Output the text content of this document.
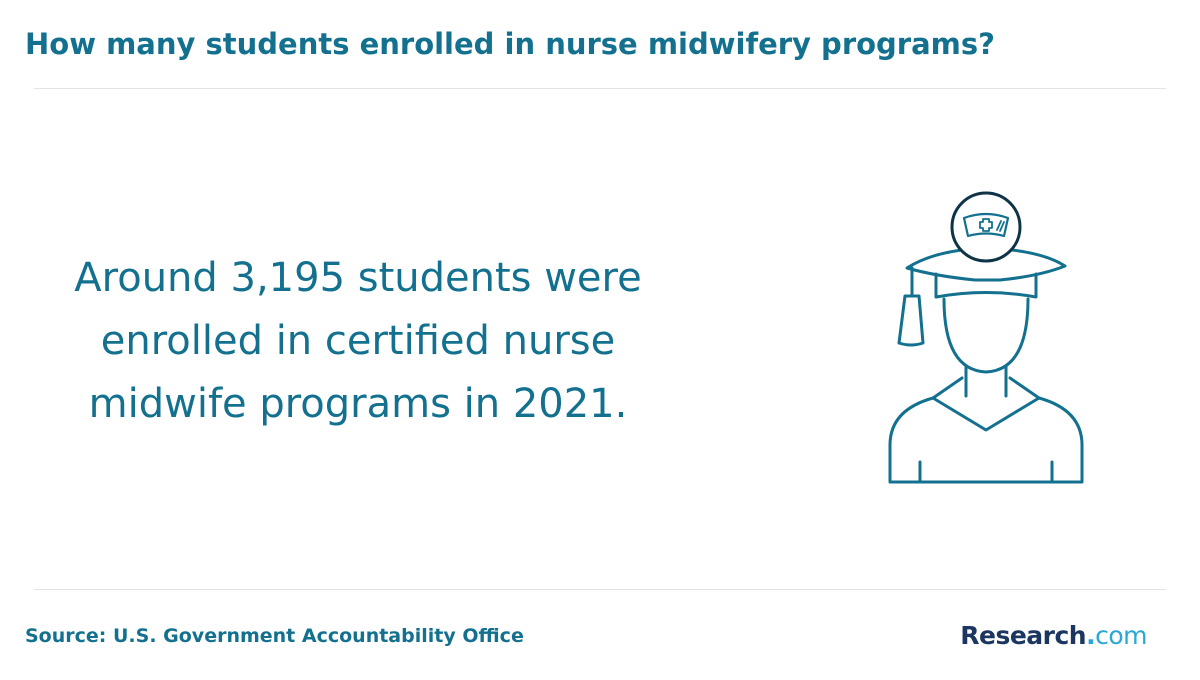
How many students enrolled in nurse midwifery programs?

Around 3,195 students were enrolled in certified nurse midwife programs in 2021.

Source: U.S. Government Accountability Office	Research.com
